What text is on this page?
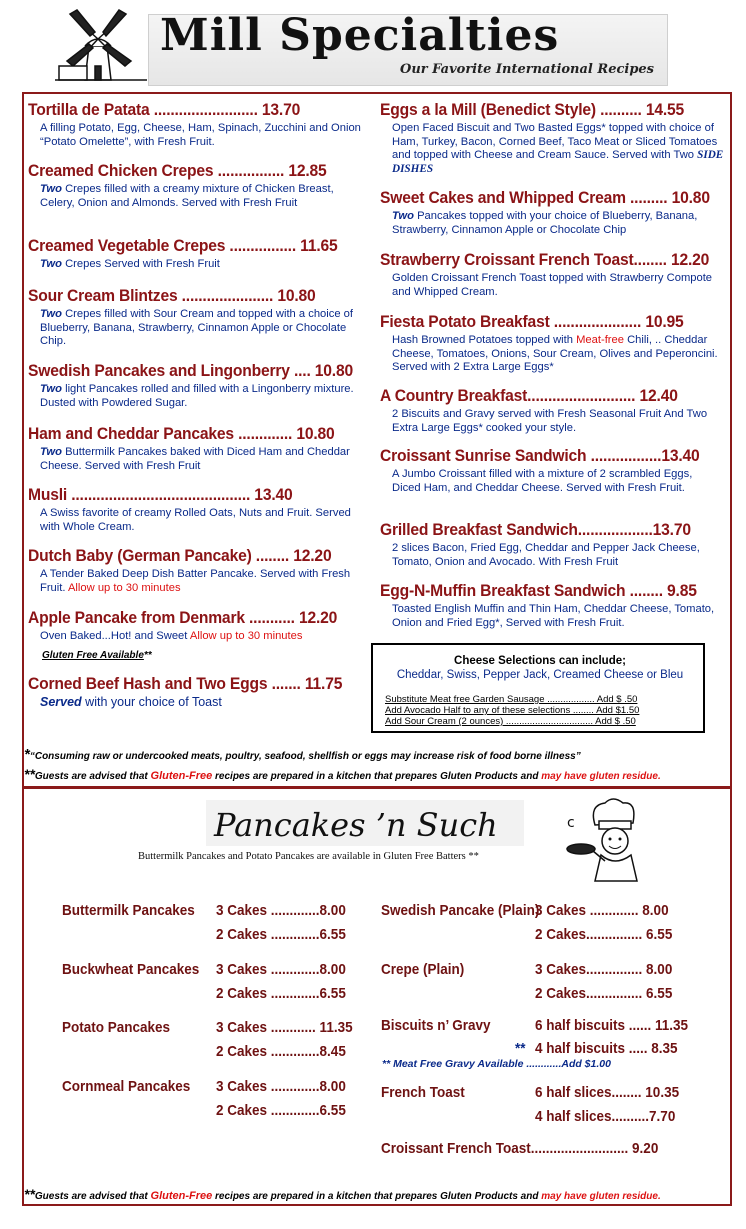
Mill Specialties
Our Favorite International Recipes
Tortilla de Patata ......................... 13.70
A filling Potato, Egg, Cheese, Ham, Spinach, Zucchini and Onion “Potato Omelette”, with Fresh Fruit.
Creamed Chicken Crepes ................ 12.85
Two Crepes filled with a creamy mixture of Chicken Breast, Celery, Onion and Almonds. Served with Fresh Fruit
Creamed Vegetable Crepes ................ 11.65
Two Crepes Served with Fresh Fruit
Sour Cream Blintzes ...................... 10.80
Two Crepes filled with Sour Cream and topped with a choice of Blueberry, Banana, Strawberry, Cinnamon Apple or Chocolate Chip.
Swedish Pancakes and Lingonberry .... 10.80
Two light Pancakes rolled and filled with a Lingonberry mixture. Dusted with Powdered Sugar.
Ham and Cheddar Pancakes ............. 10.80
Two Buttermilk Pancakes baked with Diced Ham and Cheddar Cheese. Served with Fresh Fruit
Musli ........................................... 13.40
A Swiss favorite of creamy Rolled Oats, Nuts and Fruit. Served with Whole Cream.
Dutch Baby (German Pancake) ........ 12.20
A Tender Baked Deep Dish Batter Pancake. Served with Fresh Fruit. Allow up to 30 minutes
Apple Pancake from Denmark ........... 12.20
Oven Baked...Hot! and Sweet Allow up to 30 minutes
Gluten Free Available**
Corned Beef Hash and Two Eggs ....... 11.75
Served with your choice of Toast
Eggs a la Mill (Benedict Style) .......... 14.55
Open Faced Biscuit and Two Basted Eggs* topped with choice of Ham, Turkey, Bacon, Corned Beef, Taco Meat or Sliced Tomatoes and topped with Cheese and Cream Sauce. Served with Two SIDE DISHES
Sweet Cakes and Whipped Cream ......... 10.80
Two Pancakes topped with your choice of Blueberry, Banana, Strawberry, Cinnamon Apple or Chocolate Chip
Strawberry Croissant French Toast........ 12.20
Golden Croissant French Toast topped with Strawberry Compote and Whipped Cream.
Fiesta Potato Breakfast ..................... 10.95
Hash Browned Potatoes topped with Meat-free Chili, .. Cheddar Cheese, Tomatoes, Onions, Sour Cream, Olives and Peperoncini. Served with 2 Extra Large Eggs*
A Country Breakfast.......................... 12.40
2 Biscuits and Gravy served with Fresh Seasonal Fruit And Two Extra Large Eggs* cooked your style.
Croissant Sunrise Sandwich .................13.40
A Jumbo Croissant filled with a mixture of 2 scrambled Eggs, Diced Ham, and Cheddar Cheese. Served with Fresh Fruit.
Grilled Breakfast Sandwich..................13.70
2 slices Bacon, Fried Egg, Cheddar and Pepper Jack Cheese, Tomato, Onion and Avocado. With Fresh Fruit
Egg-N-Muffin Breakfast Sandwich ........ 9.85
Toasted English Muffin and Thin Ham, Cheddar Cheese, Tomato, Onion and Fried Egg*, Served with Fresh Fruit.
Cheese Selections can include;
Cheddar, Swiss, Pepper Jack, Creamed Cheese or Bleu
Substitute Meat free Garden Sausage .................. Add $ .50
Add Avocado Half to any of these selections ........ Add $1.50
Add Sour Cream (2 ounces) ................................. Add $ .50
*“Consuming raw or undercooked meats, poultry, seafood, shellfish or eggs may increase risk of food borne illness”
**Guests are advised that Gluten-Free recipes are prepared in a kitchen that prepares Gluten Products and may have gluten residue.
Pancakes ’n Such
Buttermilk Pancakes and Potato Pancakes are available in Gluten Free Batters **
c
Buttermilk Pancakes 3 Cakes .............8.00
2 Cakes .............6.55
Buckwheat Pancakes 3 Cakes .............8.00
2 Cakes .............6.55
Potato Pancakes	3 Cakes ............ 11.35
2 Cakes .............8.45
Cornmeal Pancakes 3 Cakes .............8.00
2 Cakes .............6.55
Swedish Pancake (Plain)
3 Cakes ............. 8.00
2 Cakes............... 6.55
Crepe (Plain)	3 Cakes............... 8.00
2 Cakes............... 6.55
Biscuits n’ Gravy	6 half biscuits ...... 11.35
** 4 half biscuits ..... 8.35
** Meat Free Gravy Available ............Add $1.00
French Toast	6 half slices........ 10.35
4 half slices..........7.70
Croissant French Toast.......................... 9.20
**Guests are advised that Gluten-Free recipes are prepared in a kitchen that prepares Gluten Products and may have gluten residue.
